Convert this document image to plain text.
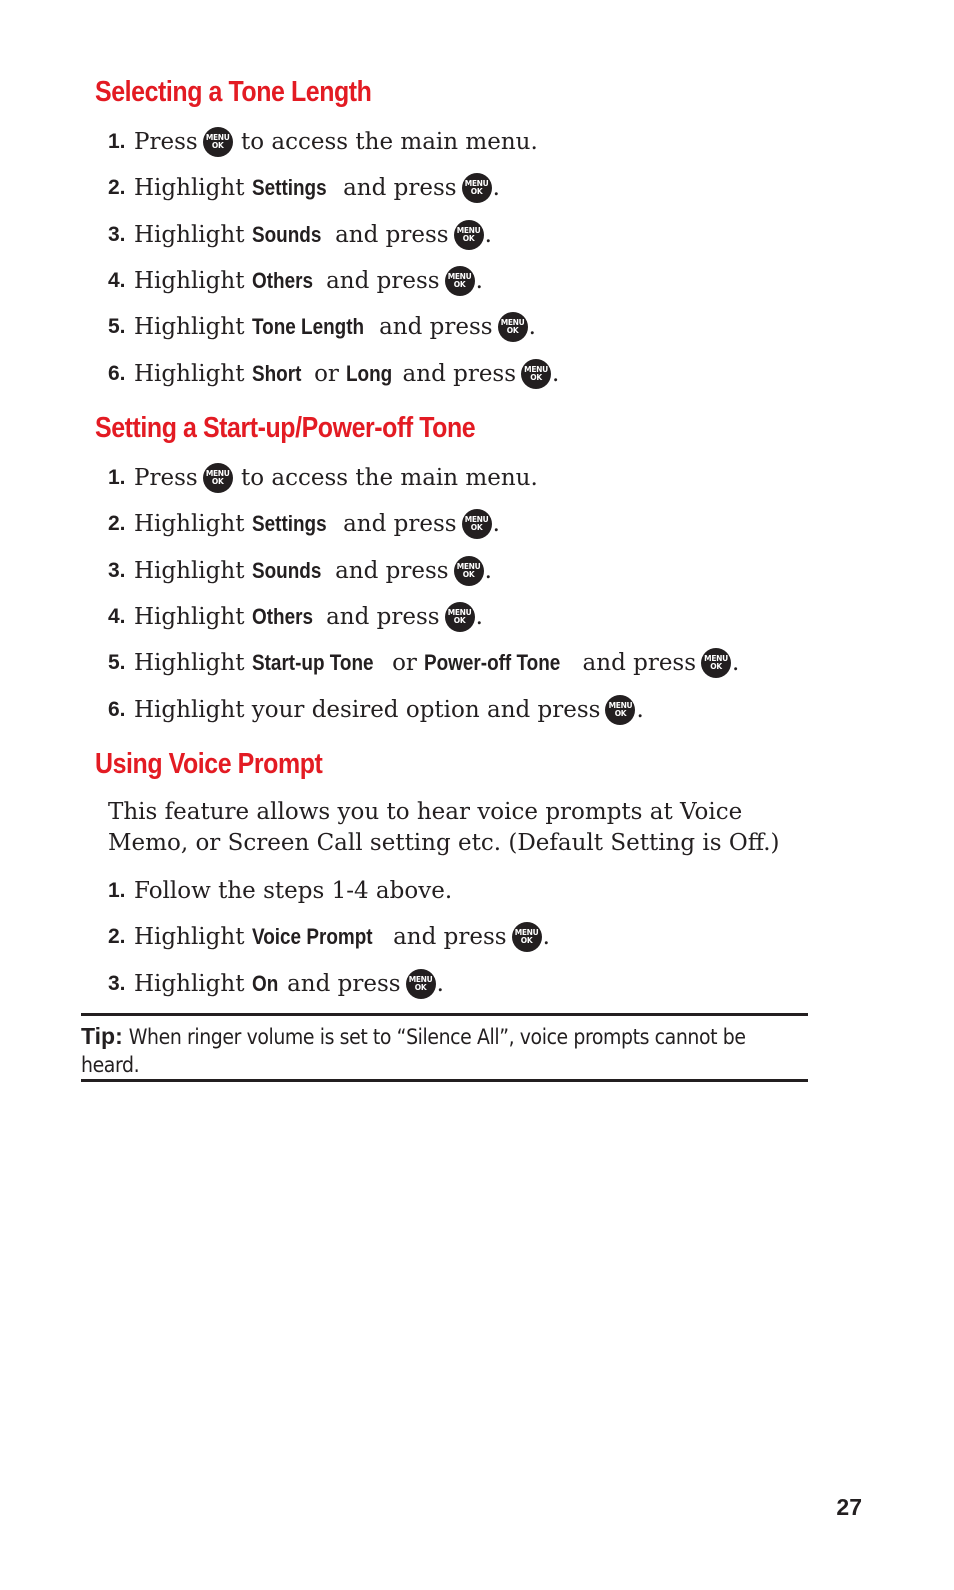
Selecting a Tone Length
1. Press MENU
OK
to access the main menu.
2. Highlight
Settings
and press MENU
OK .
3. Highlight
Sounds
and press MENU
OK .
4. Highlight
Others
and press MENU
OK .
5. Highlight
Tone Length
and press MENU
OK .
6. Highlight
Short
or
Long
and press MENU
OK .
Setting a Start-up/Power-off Tone
1. Press MENU
OK
to access the main menu.
2. Highlight
Settings
and press MENU
OK .
3. Highlight
Sounds
and press MENU
OK .
4. Highlight
Others
and press MENU
OK .
5. Highlight
Start-up Tone
or
Power-off Tone
and press MENU
OK .
6. Highlight your desired option and press MENU
OK .
Using Voice Prompt

This feature allows you to hear voice prompts at Voice Memo, or Screen Call setting etc. (Default Setting is Off.)

1. Follow the steps 1-4 above.
2. Highlight
Voice Prompt
and press MENU
OK .
3. Highlight
On
and press MENU
OK .
Tip: When ringer volume is set to “Silence All”, voice prompts cannot be heard.
27
